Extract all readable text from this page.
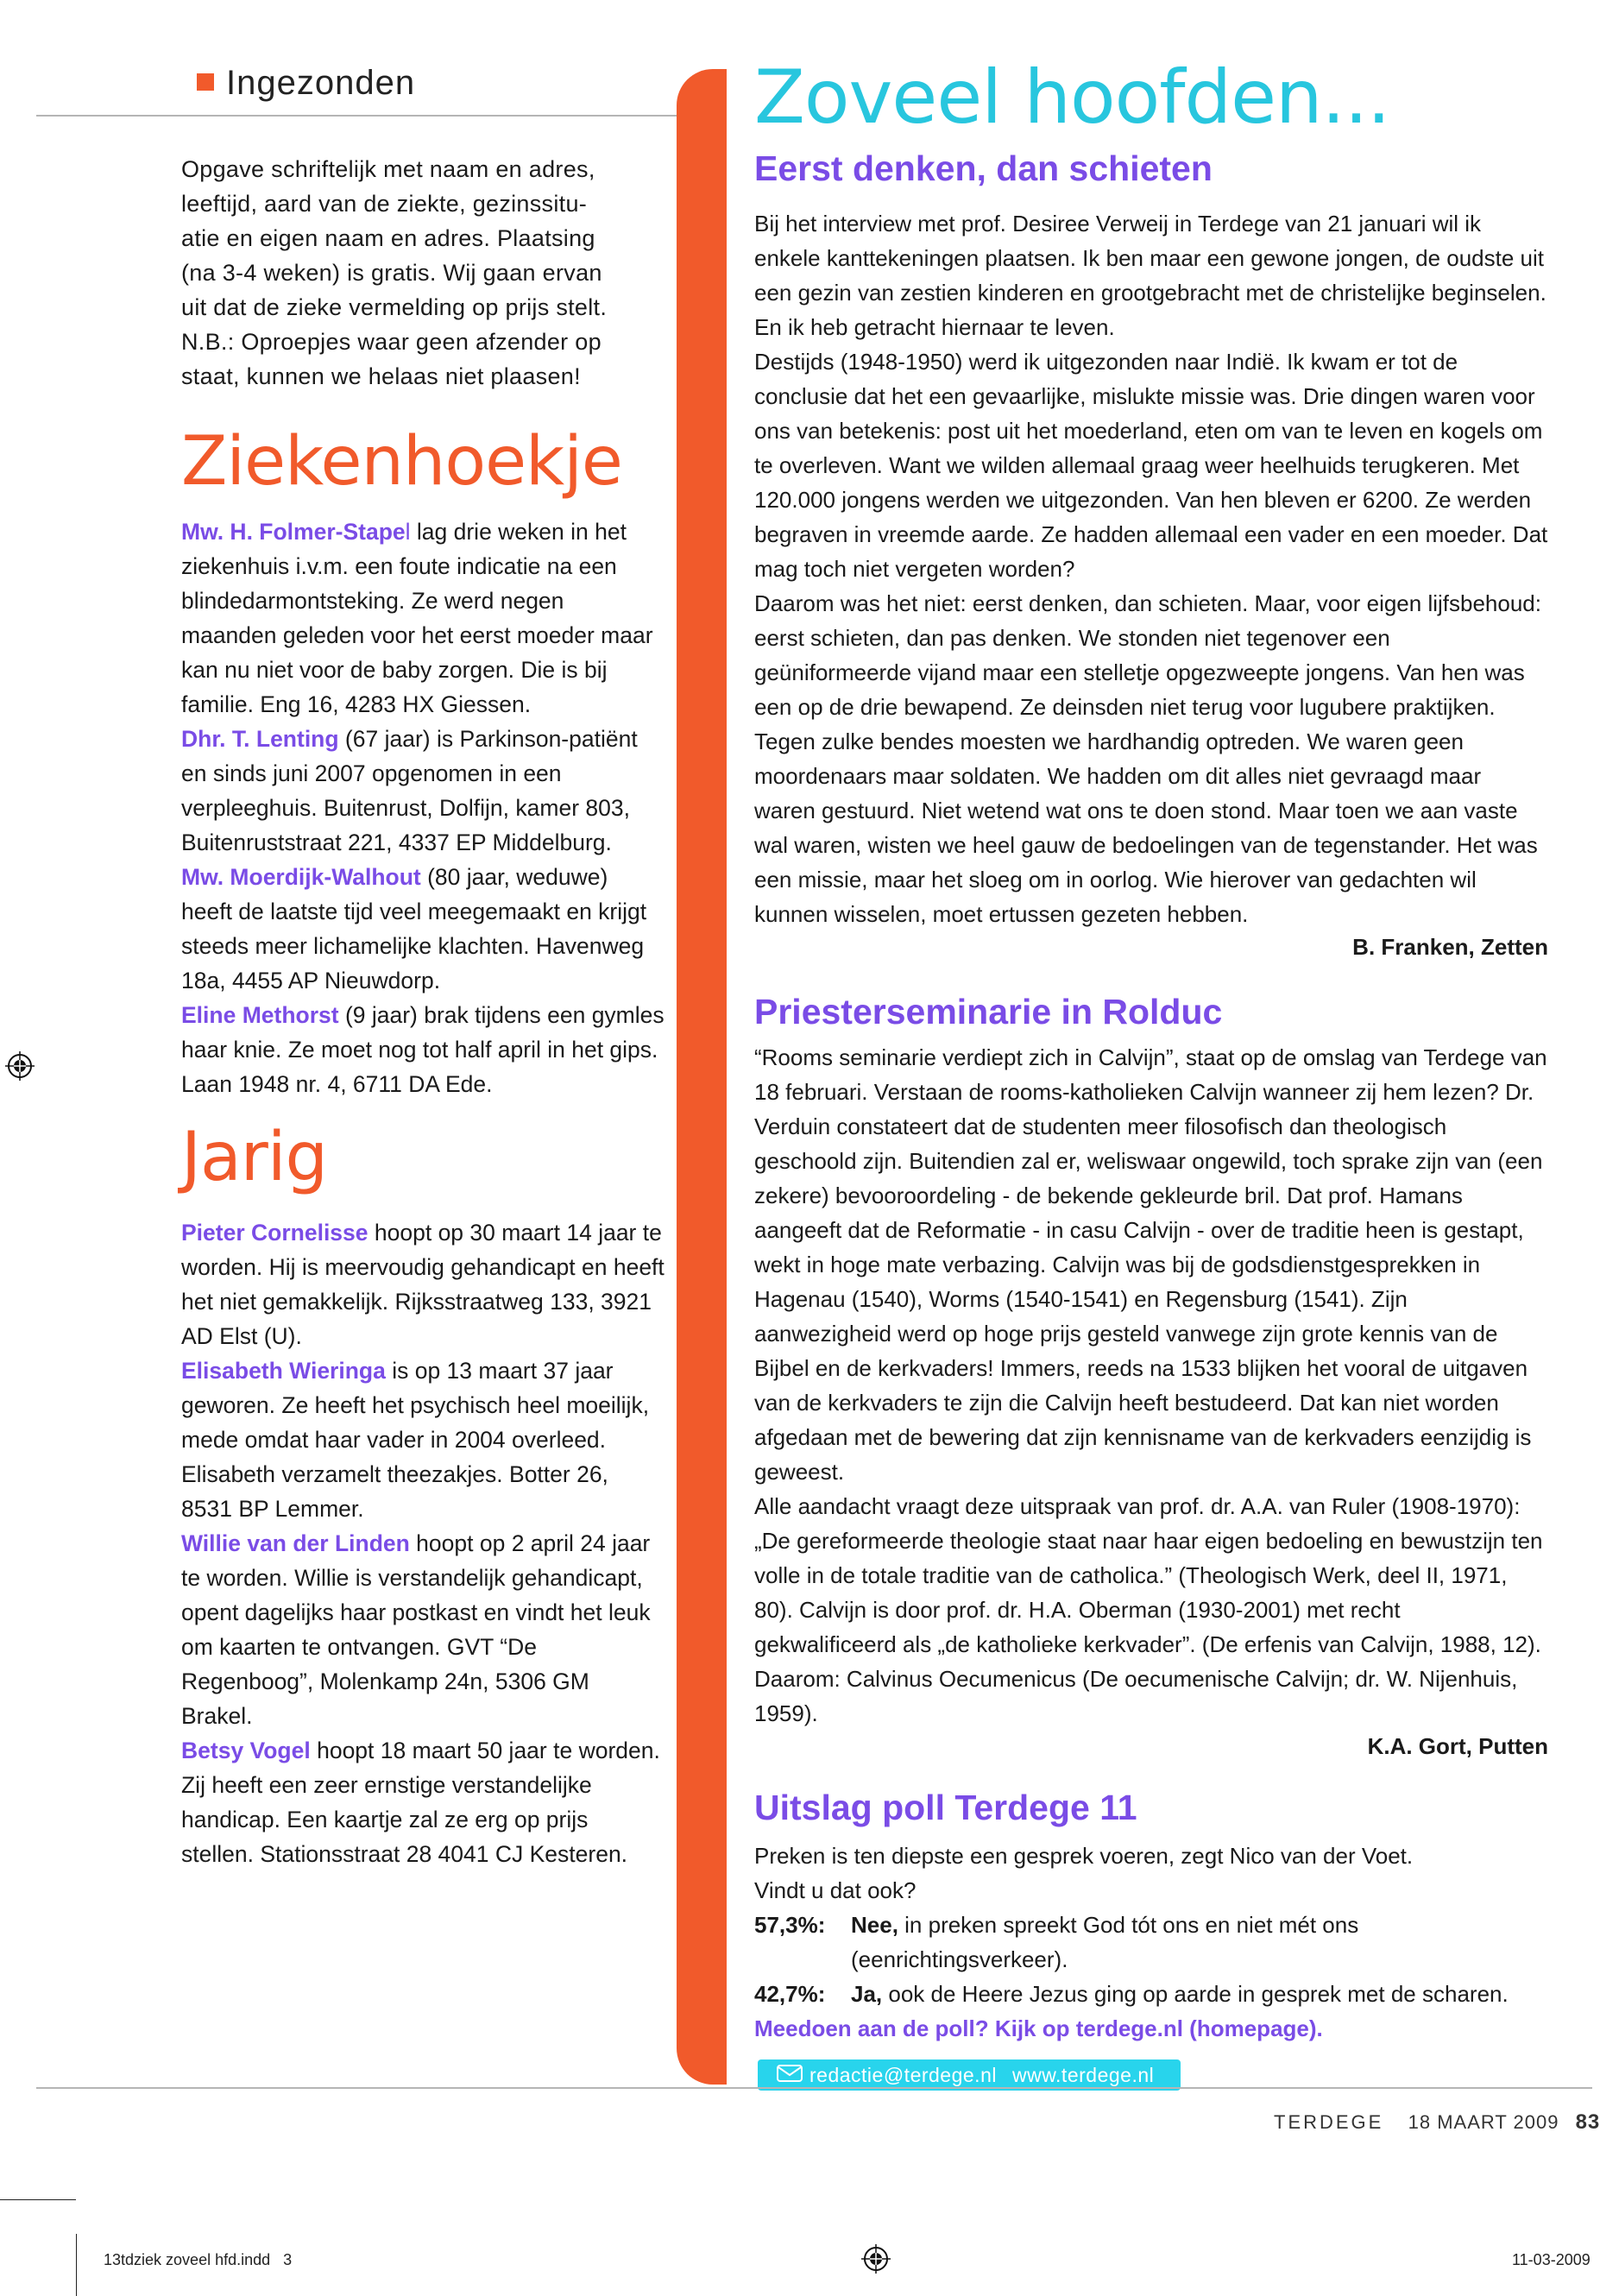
Ingezonden

Opgave schriftelijk met naam en adres,

leeftijd, aard van de ziekte, gezinssitu-

atie en eigen naam en adres. Plaatsing

(na 3-4 weken) is gratis. Wij gaan ervan

uit dat de zieke vermelding op prijs stelt.

N.B.: Oproepjes waar geen afzender op

staat, kunnen we helaas niet plaasen!

Ziekenhoekje

Mw. H. Folmer-Stapel lag drie weken in het ziekenhuis i.v.m. een foute indicatie na een blindedarmontsteking. Ze werd negen maanden geleden voor het eerst moeder maar kan nu niet voor de baby zorgen. Die is bij familie. Eng 16, 4283 HX Giessen.

Dhr. T. Lenting (67 jaar) is Parkinson-patiënt en sinds juni 2007 opgenomen in een verpleeghuis. Buitenrust, Dolfijn, kamer 803, Buitenruststraat 221, 4337 EP Middelburg.

Mw. Moerdijk-Walhout (80 jaar, weduwe) heeft de laatste tijd veel meegemaakt en krijgt steeds meer lichamelijke klachten. Havenweg 18a, 4455 AP Nieuwdorp.

Eline Methorst (9 jaar) brak tijdens een gymles haar knie. Ze moet nog tot half april in het gips. Laan 1948 nr. 4, 6711 DA Ede.

Jarig

Pieter Cornelisse hoopt op 30 maart 14 jaar te worden. Hij is meervoudig gehandicapt en heeft het niet gemakkelijk. Rijksstraatweg 133, 3921 AD Elst (U).

Elisabeth Wieringa is op 13 maart 37 jaar geworen. Ze heeft het psychisch heel moeilijk, mede omdat haar vader in 2004 overleed. Elisabeth verzamelt theezakjes. Botter 26, 8531 BP Lemmer.

Willie van der Linden hoopt op 2 april 24 jaar te worden. Willie is verstandelijk gehandicapt, opent dagelijks haar postkast en vindt het leuk om kaarten te ontvangen. GVT “De Regenboog”, Molenkamp 24n, 5306 GM Brakel.

Betsy Vogel hoopt 18 maart 50 jaar te worden. Zij heeft een zeer ernstige verstandelijke handicap. Een kaartje zal ze erg op prijs stellen. Stationsstraat 28 4041 CJ Kesteren.

Zoveel hoofden...
Eerst denken, dan schieten

Bij het interview met prof. Desiree Verweij in Terdege van 21 januari wil ik enkele kanttekeningen plaatsen. Ik ben maar een gewone jongen, de oudste uit een gezin van zestien kinderen en grootgebracht met de christelijke beginselen. En ik heb getracht hiernaar te leven.

Destijds (1948-1950) werd ik uitgezonden naar Indië. Ik kwam er tot de conclusie dat het een gevaarlijke, mislukte missie was. Drie dingen waren voor ons van betekenis: post uit het moederland, eten om van te leven en kogels om te overleven. Want we wilden allemaal graag weer heelhuids terugkeren. Met 120.000 jongens werden we uitgezonden. Van hen bleven er 6200. Ze werden begraven in vreemde aarde. Ze hadden allemaal een vader en een moeder. Dat mag toch niet vergeten worden?

Daarom was het niet: eerst denken, dan schieten. Maar, voor eigen lijfsbehoud: eerst schieten, dan pas denken. We stonden niet tegenover een geüniformeerde vijand maar een stelletje opgezweepte jongens. Van hen was een op de drie bewapend. Ze deinsden niet terug voor lugubere praktijken. Tegen zulke bendes moesten we hardhandig optreden. We waren geen moordenaars maar soldaten. We hadden om dit alles niet gevraagd maar waren gestuurd. Niet wetend wat ons te doen stond. Maar toen we aan vaste wal waren, wisten we heel gauw de bedoelingen van de tegenstander. Het was een missie, maar het sloeg om in oorlog. Wie hierover van gedachten wil kunnen wisselen, moet ertussen gezeten hebben.

B. Franken, Zetten

Priesterseminarie in Rolduc

“Rooms seminarie verdiept zich in Calvijn”, staat op de omslag van Terdege van 18 februari. Verstaan de rooms-katholieken Calvijn wanneer zij hem lezen? Dr. Verduin constateert dat de studenten meer filosofisch dan theologisch geschoold zijn. Buitendien zal er, weliswaar ongewild, toch sprake zijn van (een zekere) bevooroordeling - de bekende gekleurde bril. Dat prof. Hamans aangeeft dat de Reformatie - in casu Calvijn - over de traditie heen is gestapt, wekt in hoge mate verbazing. Calvijn was bij de godsdienstgesprekken in Hagenau (1540), Worms (1540-1541) en Regensburg (1541). Zijn aanwezigheid werd op hoge prijs gesteld vanwege zijn grote kennis van de Bijbel en de kerkvaders! Immers, reeds na 1533 blijken het vooral de uitgaven van de kerkvaders te zijn die Calvijn heeft bestudeerd. Dat kan niet worden afgedaan met de bewering dat zijn kennisname van de kerkvaders eenzijdig is geweest.

Alle aandacht vraagt deze uitspraak van prof. dr. A.A. van Ruler (1908-1970): „De gereformeerde theologie staat naar haar eigen bedoeling en bewustzijn ten volle in de totale traditie van de catholica.” (Theologisch Werk, deel II, 1971, 80). Calvijn is door prof. dr. H.A. Oberman (1930-2001) met recht gekwalificeerd als „de katholieke kerkvader”. (De erfenis van Calvijn, 1988, 12). Daarom: Calvinus Oecumenicus (De oecumenische Calvijn; dr. W. Nijenhuis, 1959).

K.A. Gort, Putten

Uitslag poll Terdege 11

Preken is ten diepste een gesprek voeren, zegt Nico van der Voet.

Vindt u dat ook?

57,3%:	Nee, in preken spreekt God tót ons en niet mét ons
(eenrichtingsverkeer).
42,7%:	Ja, ook de Heere Jezus ging op aarde in gesprek met de scharen.

Meedoen aan de poll? Kijk op terdege.nl (homepage).

redactie@terdege.nl www.terdege.nl
TERDEGE 18 MAART 2009 83
13tdziek zoveel hfd.indd   3	11-03-2009
